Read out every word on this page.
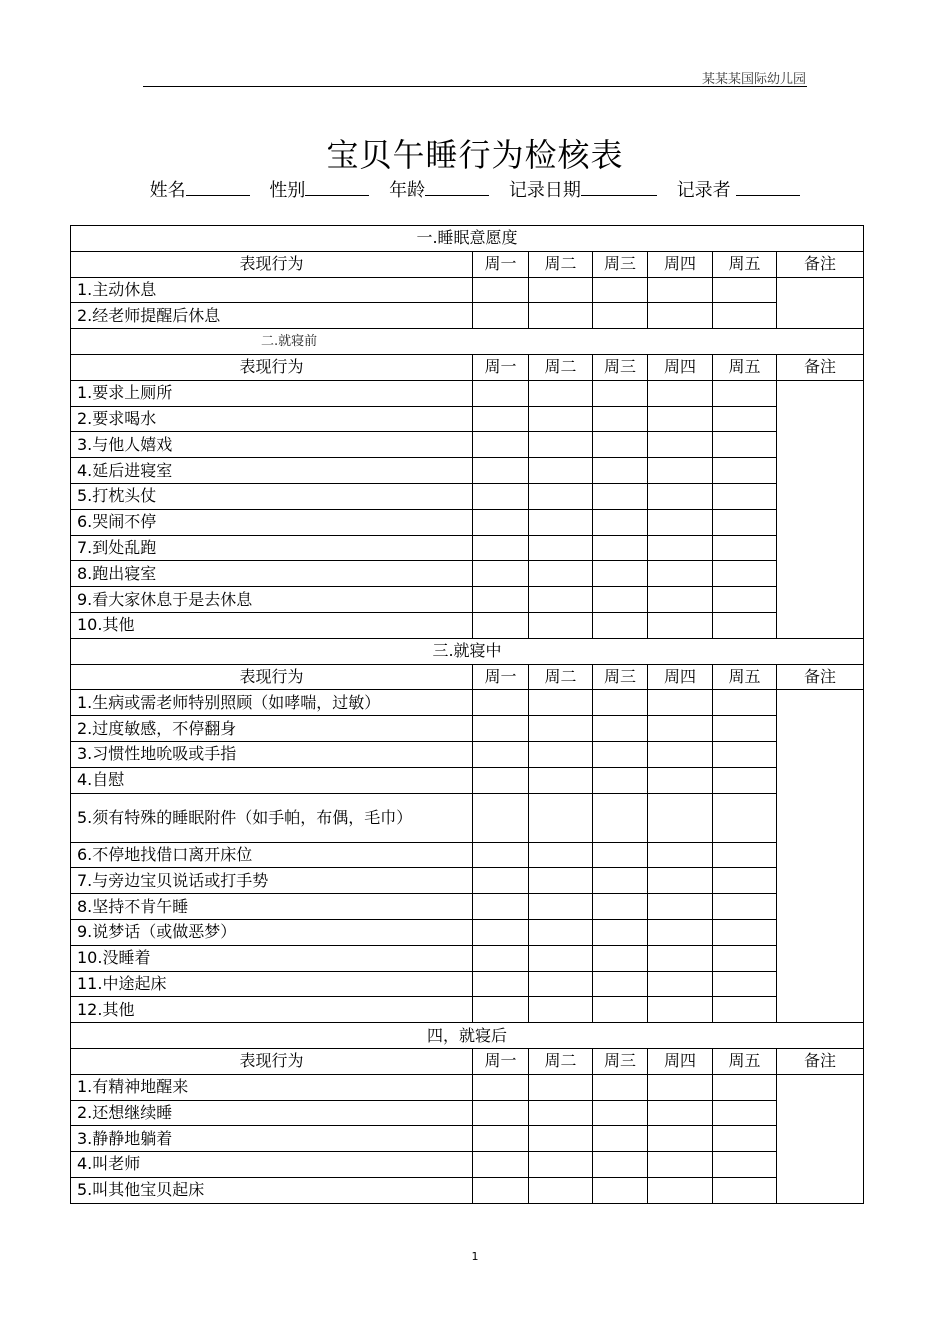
某某某国际幼儿园
宝贝午睡行为检核表
姓名	性别	年龄	记录日期	记录者
一.睡眠意愿度						
表现行为	周一	周二	周三	周四	周五	备注
1.主动休息						
2.经老师提醒后休息						
二.就寝前						
表现行为	周一	周二	周三	周四	周五	备注
1.要求上厕所						
2.要求喝水						
3.与他人嬉戏						
4.延后进寝室						
5.打枕头仗						
6.哭闹不停						
7.到处乱跑						
8.跑出寝室						
9.看大家休息于是去休息						
10.其他						
三.就寝中						
表现行为	周一	周二	周三	周四	周五	备注
1.生病或需老师特别照顾（如哮喘，过敏）						
2.过度敏感，不停翻身						
3.习惯性地吮吸或手指						
4.自慰						
5.须有特殊的睡眠附件（如手帕，布偶，毛巾）						
6.不停地找借口离开床位						
7.与旁边宝贝说话或打手势						
8.坚持不肯午睡						
9.说梦话（或做恶梦）						
10.没睡着						
11.中途起床						
12.其他						
四，就寝后						
表现行为	周一	周二	周三	周四	周五	备注
1.有精神地醒来						
2.还想继续睡						
3.静静地躺着						
4.叫老师						
5.叫其他宝贝起床						
1
